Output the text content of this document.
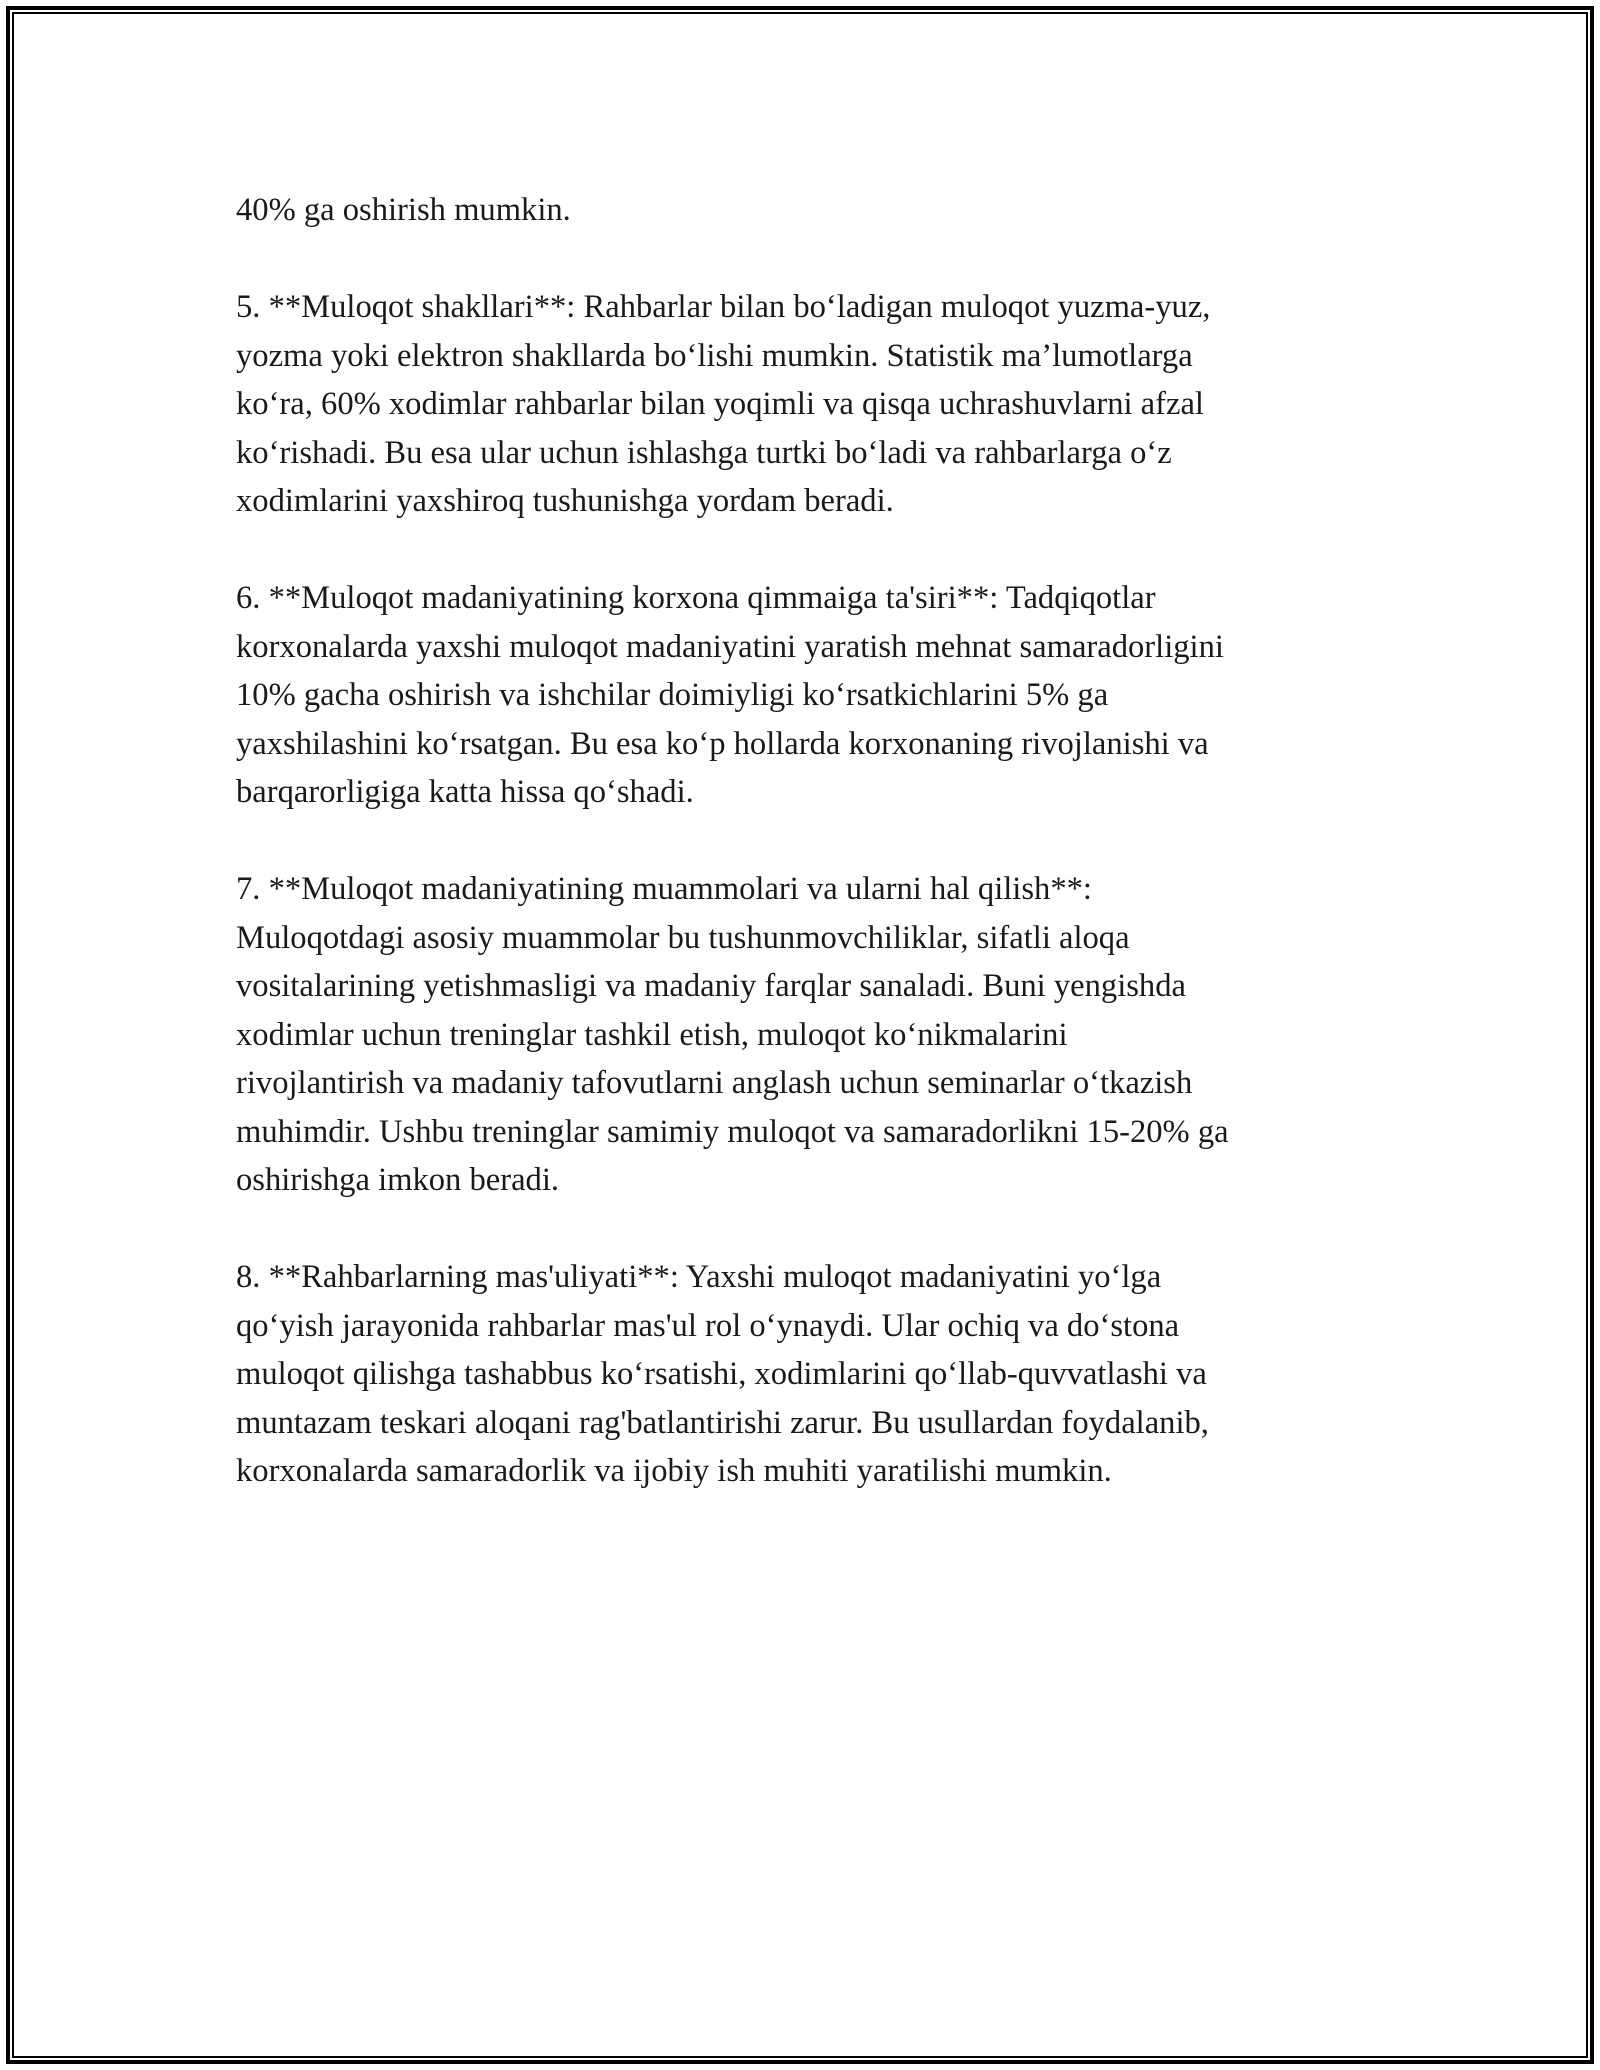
40% ga oshirish mumkin.

5. **Muloqot shakllari**: Rahbarlar bilan bo‘ladigan muloqot yuzma-yuz,
yozma yoki elektron shakllarda bo‘lishi mumkin. Statistik ma’lumotlarga
ko‘ra, 60% xodimlar rahbarlar bilan yoqimli va qisqa uchrashuvlarni afzal
ko‘rishadi. Bu esa ular uchun ishlashga turtki bo‘ladi va rahbarlarga o‘z
xodimlarini yaxshiroq tushunishga yordam beradi.

6. **Muloqot madaniyatining korxona qimmaiga ta'siri**: Tadqiqotlar
korxonalarda yaxshi muloqot madaniyatini yaratish mehnat samaradorligini
10% gacha oshirish va ishchilar doimiyligi ko‘rsatkichlarini 5% ga
yaxshilashini ko‘rsatgan. Bu esa ko‘p hollarda korxonaning rivojlanishi va
barqarorligiga katta hissa qo‘shadi.

7. **Muloqot madaniyatining muammolari va ularni hal qilish**:
Muloqotdagi asosiy muammolar bu tushunmovchiliklar, sifatli aloqa
vositalarining yetishmasligi va madaniy farqlar sanaladi. Buni yengishda
xodimlar uchun treninglar tashkil etish, muloqot ko‘nikmalarini
rivojlantirish va madaniy tafovutlarni anglash uchun seminarlar o‘tkazish
muhimdir. Ushbu treninglar samimiy muloqot va samaradorlikni 15-20% ga
oshirishga imkon beradi.

8. **Rahbarlarning mas'uliyati**: Yaxshi muloqot madaniyatini yo‘lga
qo‘yish jarayonida rahbarlar mas'ul rol o‘ynaydi. Ular ochiq va do‘stona
muloqot qilishga tashabbus ko‘rsatishi, xodimlarini qo‘llab-quvvatlashi va
muntazam teskari aloqani rag'batlantirishi zarur. Bu usullardan foydalanib,
korxonalarda samaradorlik va ijobiy ish muhiti yaratilishi mumkin.
